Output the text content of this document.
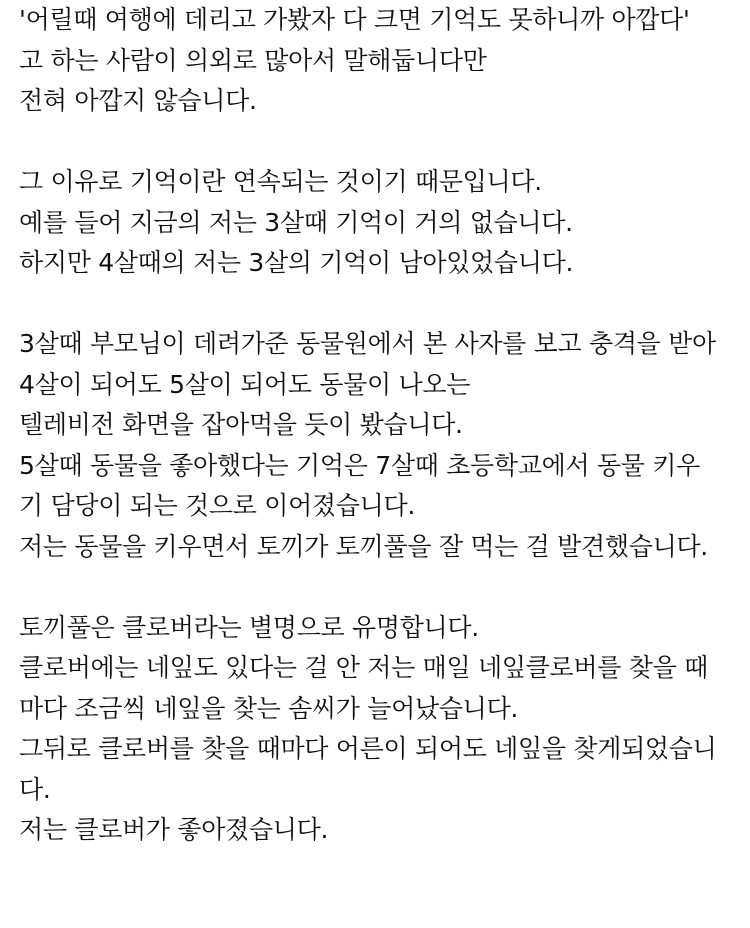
'어릴때 여행에 데리고 가봤자 다 크면 기억도 못하니까 아깝다'
고 하는 사람이 의외로 많아서 말해둡니다만
전혀 아깝지 않습니다.
그 이유로 기억이란 연속되는 것이기 때문입니다.
예를 들어 지금의 저는 3살때 기억이 거의 없습니다.
하지만 4살때의 저는 3살의 기억이 남아있었습니다.
3살때 부모님이 데려가준 동물원에서 본 사자를 보고 충격을 받아
4살이 되어도 5살이 되어도 동물이 나오는
텔레비전 화면을 잡아먹을 듯이 봤습니다.
5살때 동물을 좋아했다는 기억은 7살때 초등학교에서 동물 키우
기 담당이 되는 것으로 이어졌습니다.
저는 동물을 키우면서 토끼가 토끼풀을 잘 먹는 걸 발견했습니다.
토끼풀은 클로버라는 별명으로 유명합니다.
클로버에는 네잎도 있다는 걸 안 저는 매일 네잎클로버를 찾을 때
마다 조금씩 네잎을 찾는 솜씨가 늘어났습니다.
그뒤로 클로버를 찾을 때마다 어른이 되어도 네잎을 찾게되었습니
다.
저는 클로버가 좋아졌습니다.
